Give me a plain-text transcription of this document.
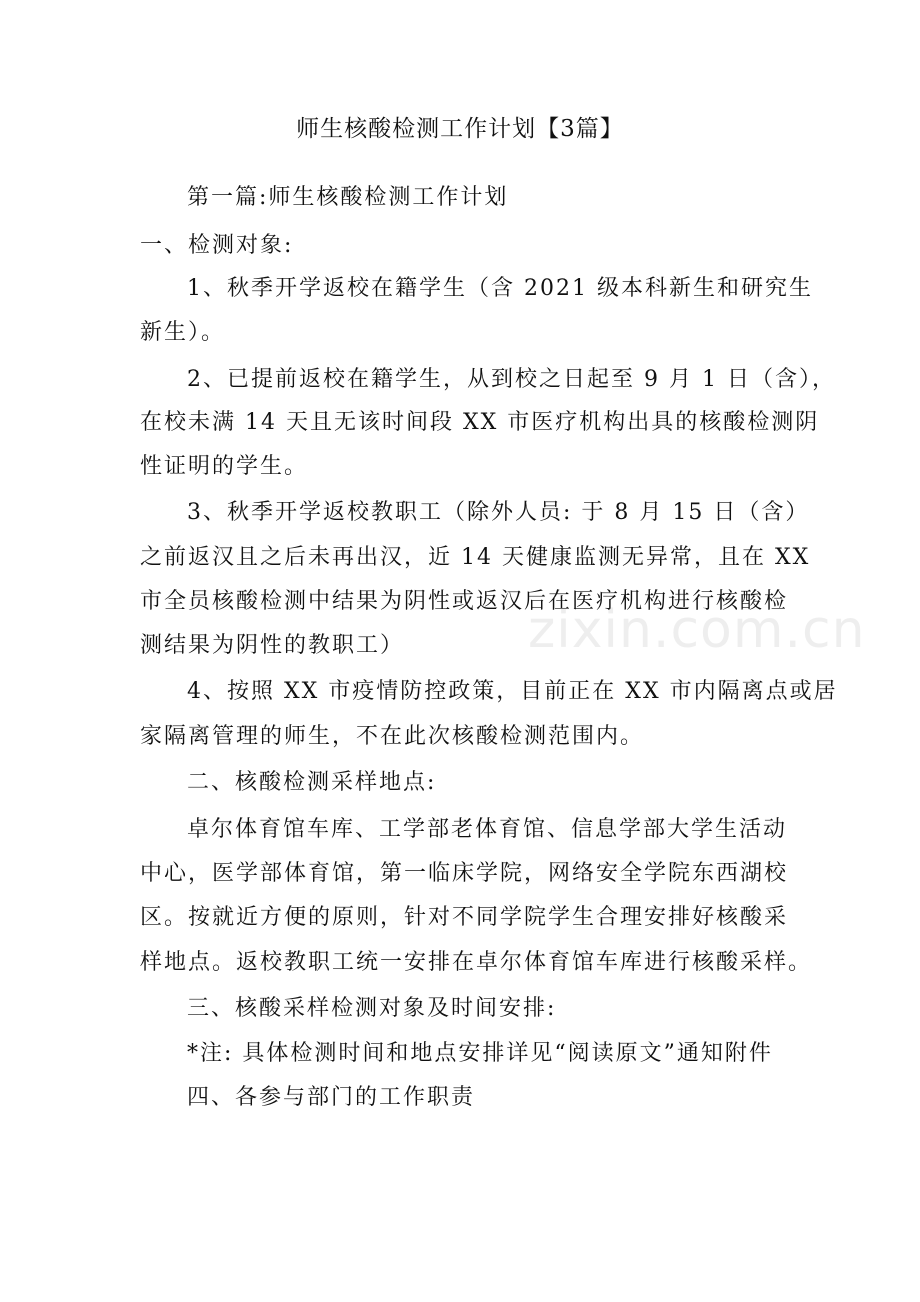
师生核酸检测工作计划【3篇】
第一篇:师生核酸检测工作计划
一、检测对象:
1、秋季开学返校在籍学生（含 2021 级本科新生和研究生
新生）。
2、已提前返校在籍学生，从到校之日起至 9 月 1 日（含），
在校未满 14 天且无该时间段 XX 市医疗机构出具的核酸检测阴
性证明的学生。
3、秋季开学返校教职工（除外人员: 于 8 月 15 日（含）
之前返汉且之后未再出汉，近 14 天健康监测无异常，且在 XX
市全员核酸检测中结果为阴性或返汉后在医疗机构进行核酸检
测结果为阴性的教职工）
4、按照 XX 市疫情防控政策，目前正在 XX 市内隔离点或居
家隔离管理的师生，不在此次核酸检测范围内。
二、核酸检测采样地点:
卓尔体育馆车库、工学部老体育馆、信息学部大学生活动
中心，医学部体育馆，第一临床学院，网络安全学院东西湖校
区。按就近方便的原则，针对不同学院学生合理安排好核酸采
样地点。返校教职工统一安排在卓尔体育馆车库进行核酸采样。
三、核酸采样检测对象及时间安排:
*注: 具体检测时间和地点安排详见“阅读原文”通知附件
四、各参与部门的工作职责
zixin.com.cn
